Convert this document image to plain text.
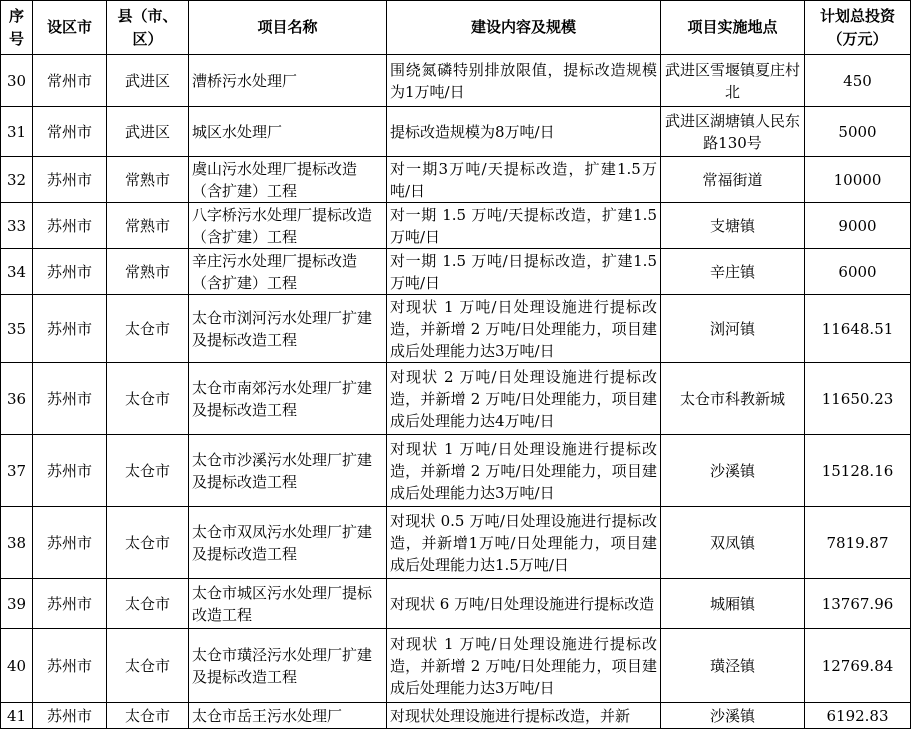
序号	设区市	县（市、区）	项目名称	建设内容及规模	项目实施地点	计划总投资（万元）
30	常州市	武进区	漕桥污水处理厂	围绕氮磷特别排放限值，提标改造规模为1万吨/日	武进区雪堰镇夏庄村北	450
31	常州市	武进区	城区水处理厂	提标改造规模为8万吨/日	武进区湖塘镇人民东路130号	5000
32	苏州市	常熟市	虞山污水处理厂提标改造（含扩建）工程	对一期3万吨/天提标改造，扩建1.5万吨/日	常福街道	10000
33	苏州市	常熟市	八字桥污水处理厂提标改造（含扩建）工程	对一期 1.5 万吨/天提标改造，扩建1.5万吨/日	支塘镇	9000
34	苏州市	常熟市	辛庄污水处理厂提标改造（含扩建）工程	对一期 1.5 万吨/日提标改造，扩建1.5万吨/日	辛庄镇	6000
35	苏州市	太仓市	太仓市浏河污水处理厂扩建及提标改造工程	对现状 1 万吨/日处理设施进行提标改造，并新增 2 万吨/日处理能力，项目建成后处理能力达3万吨/日	浏河镇	11648.51
36	苏州市	太仓市	太仓市南郊污水处理厂扩建及提标改造工程	对现状 2 万吨/日处理设施进行提标改造，并新增 2 万吨/日处理能力，项目建成后处理能力达4万吨/日	太仓市科教新城	11650.23
37	苏州市	太仓市	太仓市沙溪污水处理厂扩建及提标改造工程	对现状 1 万吨/日处理设施进行提标改造，并新增 2 万吨/日处理能力，项目建成后处理能力达3万吨/日	沙溪镇	15128.16
38	苏州市	太仓市	太仓市双凤污水处理厂扩建及提标改造工程	对现状 0.5 万吨/日处理设施进行提标改造，并新增1万吨/日处理能力，项目建成后处理能力达1.5万吨/日	双凤镇	7819.87
39	苏州市	太仓市	太仓市城区污水处理厂提标改造工程	对现状 6 万吨/日处理设施进行提标改造	城厢镇	13767.96
40	苏州市	太仓市	太仓市璜泾污水处理厂扩建及提标改造工程	对现状 1 万吨/日处理设施进行提标改造，并新增 2 万吨/日处理能力，项目建成后处理能力达3万吨/日	璜泾镇	12769.84
41	苏州市	太仓市	太仓市岳王污水处理厂	对现状处理设施进行提标改造，并新	沙溪镇	6192.83
